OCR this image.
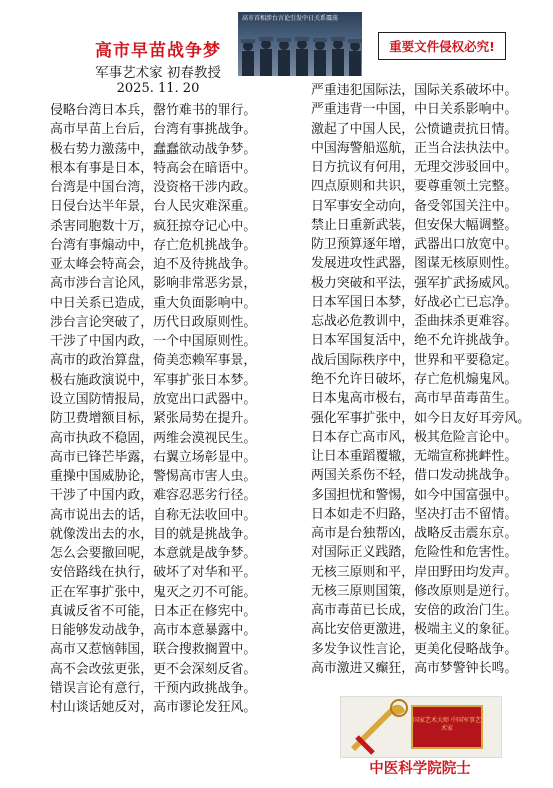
高市早苗战争梦
军事艺术家 初春教授
2025. 11. 20
高市首相涉台言论引发中日关系震荡
重要文件侵权必究!
侵略台湾日本兵，罄竹难书的罪行。
高市早苗上台后，台湾有事挑战争。
极右势力激荡中，蠢蠢欲动战争梦。
根本有事是日本，特高会在暗语中。
台湾是中国台湾，没资格干涉内政。
日侵台达半年景，台人民灾难深重。
杀害同胞数十万，疯狂掠夺记心中。
台湾有事煽动中，存亡危机挑战争。
亚太峰会特高会，迫不及待挑战争。
高市涉台言论风，影响非常恶劣景，
中日关系已造成，重大负面影响中。
涉台言论突破了，历代日政原则性。
干涉了中国内政，一个中国原则性。
高市的政治算盘，倚美恋赖军事景，
极右施政演说中，军事扩张日本梦。
设立国防情报局，放宽出口武器中。
防卫费增额目标，紧张局势在提升。
高市执政不稳固，两维会漠视民生。
高市已锋芒毕露，右翼立场彰显中。
重操中国威胁论，警惕高市害人虫。
干涉了中国内政，难容忍恶劣行径。
高市说出去的话，自称无法收回中。
就像泼出去的水，目的就是挑战争。
怎么会要撤回呢，本意就是战争梦。
安倍路线在执行，破坏了对华和平。
正在军事扩张中，鬼灭之刃不可能。
真诚反省不可能，日本正在修宪中。
日能够发动战争，高市本意暴露中。
高市又惹恼韩国，联合搜救搁置中。
高不会改弦更张，更不会深刻反省。
错误言论有意行，干预内政挑战争。
村山谈话她反对，高市谬论发狂风。
严重违犯国际法，国际关系破坏中。
严重违背一中国，中日关系影响中。
激起了中国人民，公愤谴责抗日情。
中国海警船巡航，正当合法执法中。
日方抗议有何用，无理交涉驳回中。
四点原则和共识，要尊重领土完整。
日军事安全动向，备受邻国关注中。
禁止日重新武装，但安保大幅调整。
防卫预算逐年增，武器出口放宽中。
发展进攻性武器，图谋无核原则性。
极力突破和平法，强军扩武扬威风。
日本军国日本梦，好战必亡已忘净。
忘战必危教训中，歪曲抹杀更难容。
日本军国复活中，绝不允许挑战争。
战后国际秩序中，世界和平要稳定。
绝不允许日破坏，存亡危机煽鬼风。
日本鬼高市极右，高市早苗毒苗生。
强化军事扩张中，如今日友好耳旁风。
日本存亡高市风，极其危险言论中。
让日本重蹈覆辙，无端宣称挑衅性。
两国关系伤不轻，借口发动挑战争。
多国担忧和警惕，如今中国富强中。
日本如走不归路，坚决打击不留情。
高市是台独帮凶，战略反击震东京。
对国际正义践踏，危险性和危害性。
无核三原则和平，岸田野田均发声。
无核三原则国策，修改原则是逆行。
高市毒苗已长成，安倍的政治门生。
高比安倍更激进，极端主义的象征。
多发争议性言论，更美化侵略战争。
高市激进又癫狂，高市梦警钟长鸣。
国家艺术大师 中国军事艺术家
中医科学院院士
